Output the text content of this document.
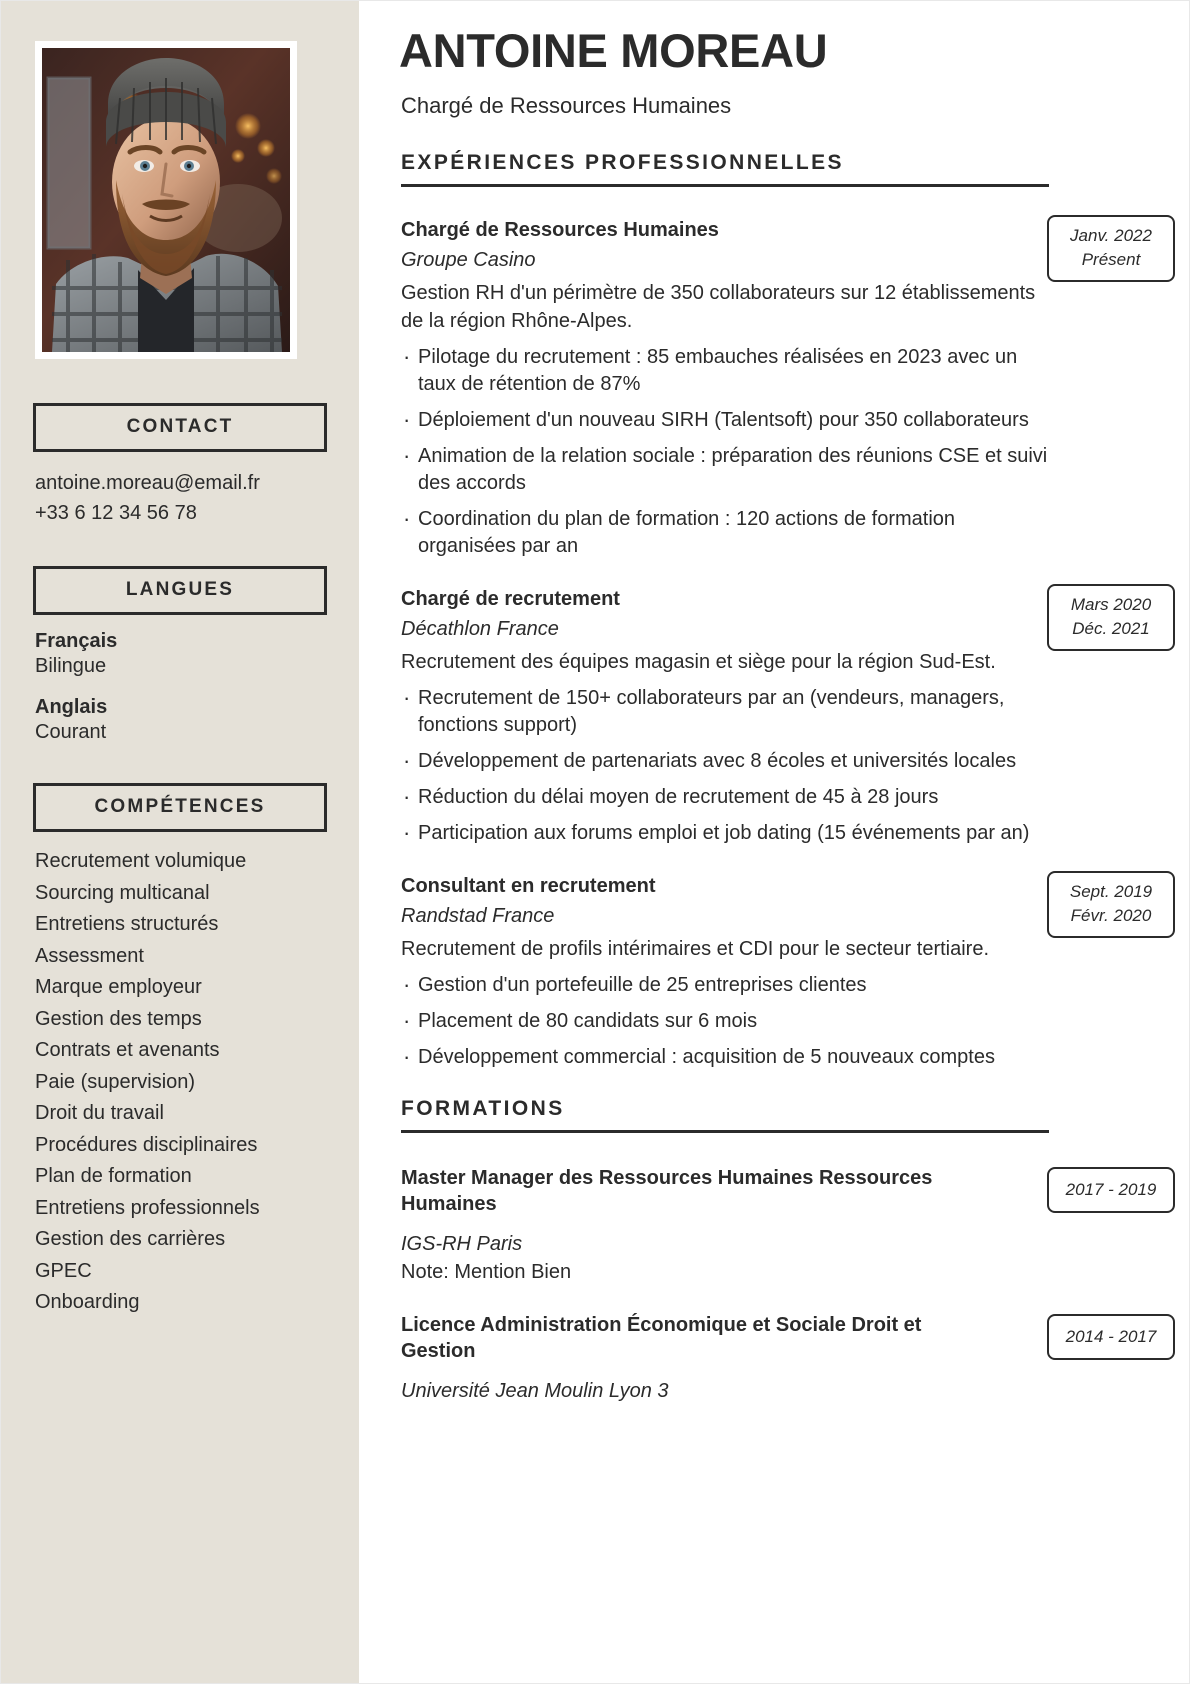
CONTACT
antoine.moreau@email.fr
+33 6 12 34 56 78
LANGUES
Français
Bilingue
Anglais
Courant
COMPÉTENCES
Recrutement volumique
Sourcing multicanal
Entretiens structurés
Assessment
Marque employeur
Gestion des temps
Contrats et avenants
Paie (supervision)
Droit du travail
Procédures disciplinaires
Plan de formation
Entretiens professionnels
Gestion des carrières
GPEC
Onboarding
ANTOINE MOREAU
Chargé de Ressources Humaines
EXPÉRIENCES PROFESSIONNELLES
Janv. 2022
Présent
Chargé de Ressources Humaines
Groupe Casino
Gestion RH d'un périmètre de 350 collaborateurs sur 12 établissements de la région Rhône-Alpes.
· Pilotage du recrutement : 85 embauches réalisées en 2023 avec un taux de rétention de 87%
· Déploiement d'un nouveau SIRH (Talentsoft) pour 350 collaborateurs
· Animation de la relation sociale : préparation des réunions CSE et suivi des accords
· Coordination du plan de formation : 120 actions de formation organisées par an
Mars 2020
Déc. 2021
Chargé de recrutement
Décathlon France
Recrutement des équipes magasin et siège pour la région Sud-Est.
· Recrutement de 150+ collaborateurs par an (vendeurs, managers, fonctions support)
· Développement de partenariats avec 8 écoles et universités locales
· Réduction du délai moyen de recrutement de 45 à 28 jours
· Participation aux forums emploi et job dating (15 événements par an)
Sept. 2019
Févr. 2020
Consultant en recrutement
Randstad France
Recrutement de profils intérimaires et CDI pour le secteur tertiaire.
· Gestion d'un portefeuille de 25 entreprises clientes
· Placement de 80 candidats sur 6 mois
· Développement commercial : acquisition de 5 nouveaux comptes
FORMATIONS
2017 - 2019
Master Manager des Ressources Humaines Ressources Humaines
IGS-RH Paris
Note: Mention Bien
2014 - 2017
Licence Administration Économique et Sociale Droit et Gestion
Université Jean Moulin Lyon 3
